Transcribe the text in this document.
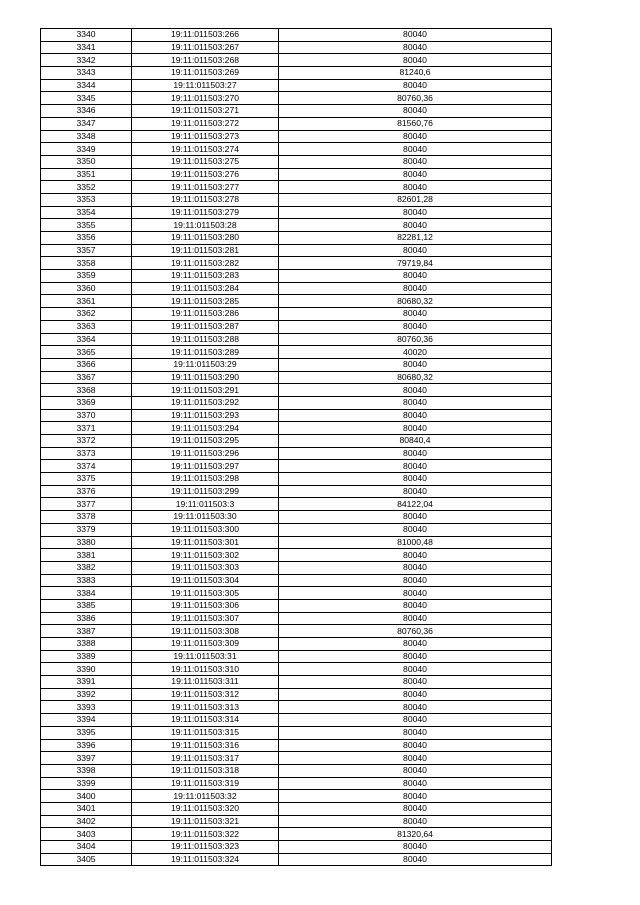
3340	19:11:011503:266	80040
3341	19:11:011503:267	80040
3342	19:11:011503:268	80040
3343	19:11:011503:269	81240,6
3344	19:11:011503:27	80040
3345	19:11:011503:270	80760,36
3346	19:11:011503:271	80040
3347	19:11:011503:272	81560,76
3348	19:11:011503:273	80040
3349	19:11:011503:274	80040
3350	19:11:011503:275	80040
3351	19:11:011503:276	80040
3352	19:11:011503:277	80040
3353	19:11:011503:278	82601,28
3354	19:11:011503:279	80040
3355	19:11:011503:28	80040
3356	19:11:011503:280	82281,12
3357	19:11:011503:281	80040
3358	19:11:011503:282	79719,84
3359	19:11:011503:283	80040
3360	19:11:011503:284	80040
3361	19:11:011503:285	80680,32
3362	19:11:011503:286	80040
3363	19:11:011503:287	80040
3364	19:11:011503:288	80760,36
3365	19:11:011503:289	40020
3366	19:11:011503:29	80040
3367	19:11:011503:290	80680,32
3368	19:11:011503:291	80040
3369	19:11:011503:292	80040
3370	19:11:011503:293	80040
3371	19:11:011503:294	80040
3372	19:11:011503:295	80840,4
3373	19:11:011503:296	80040
3374	19:11:011503:297	80040
3375	19:11:011503:298	80040
3376	19:11:011503:299	80040
3377	19:11:011503:3	84122,04
3378	19:11:011503:30	80040
3379	19:11:011503:300	80040
3380	19:11:011503:301	81000,48
3381	19:11:011503:302	80040
3382	19:11:011503:303	80040
3383	19:11:011503:304	80040
3384	19:11:011503:305	80040
3385	19:11:011503:306	80040
3386	19:11:011503:307	80040
3387	19:11:011503:308	80760,36
3388	19:11:011503:309	80040
3389	19:11:011503:31	80040
3390	19:11:011503:310	80040
3391	19:11:011503:311	80040
3392	19:11:011503:312	80040
3393	19:11:011503:313	80040
3394	19:11:011503:314	80040
3395	19:11:011503:315	80040
3396	19:11:011503:316	80040
3397	19:11:011503:317	80040
3398	19:11:011503:318	80040
3399	19:11:011503:319	80040
3400	19:11:011503:32	80040
3401	19:11:011503:320	80040
3402	19:11:011503:321	80040
3403	19:11:011503:322	81320,64
3404	19:11:011503:323	80040
3405	19:11:011503:324	80040
